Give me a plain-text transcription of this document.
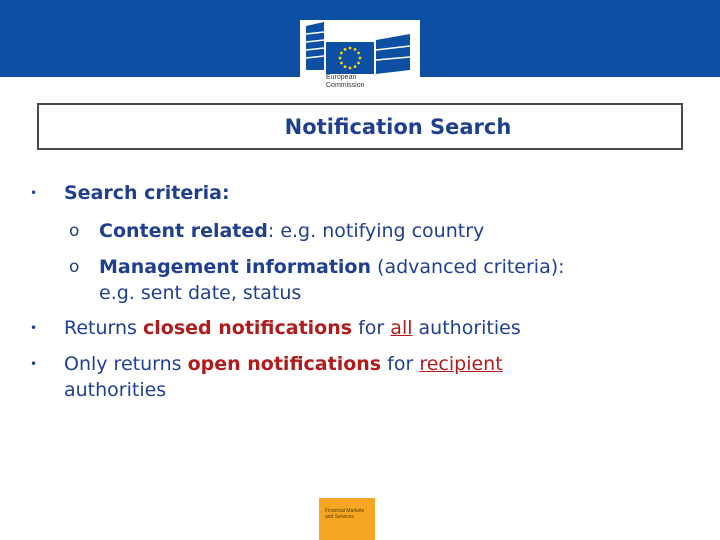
European
Commission
Notification Search

• Search criteria:

o Content related: e.g. notifying country

o Management information (advanced criteria):
e.g. sent date, status

• Returns closed notifications for all authorities

• Only returns open notifications for recipient
authorities

Financial Markets
and Services
